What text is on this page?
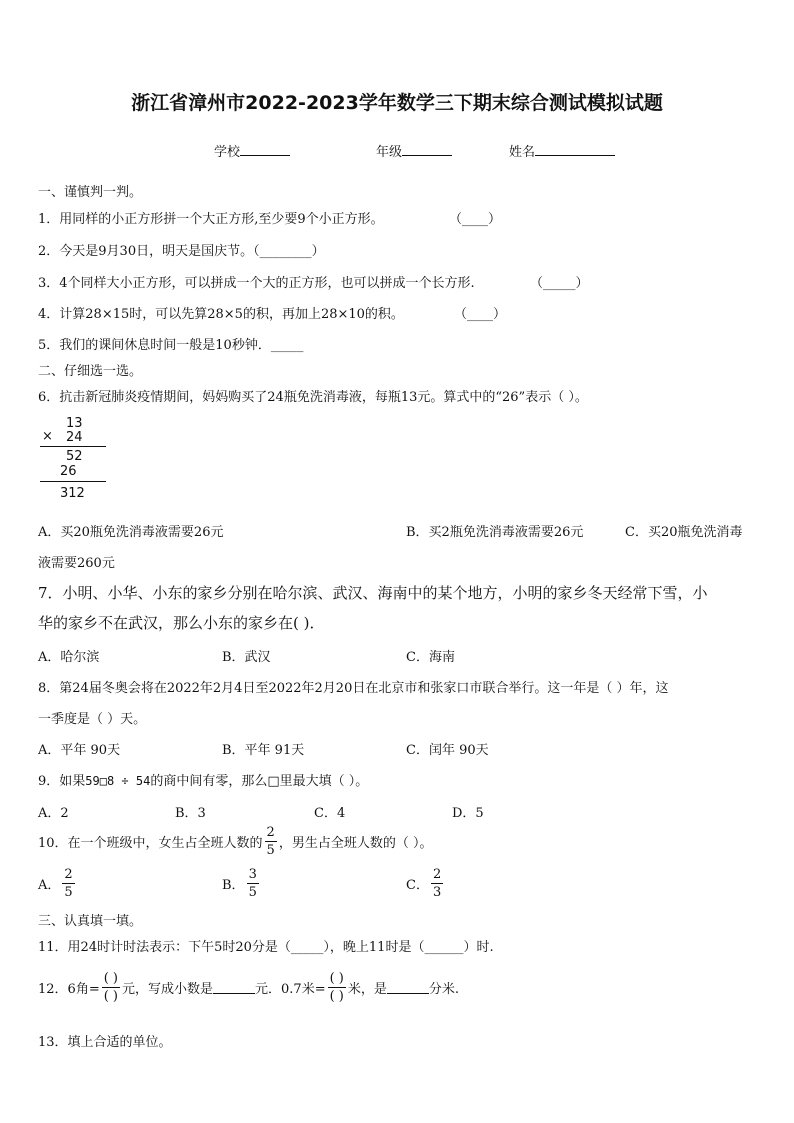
浙江省漳州市2022-2023学年数学三下期末综合测试模拟试题
学校	年级	姓名
一、谨慎判一判。
1．用同样的小正方形拼一个大正方形,至少要9个小正方形。	（____）
2．今天是9月30日，明天是国庆节。（________）
3．4个同样大小正方形，可以拼成一个大的正方形，也可以拼成一个长方形.	（_____）
4．计算28×15时，可以先算28×5的积，再加上28×10的积。	（____）
5．我们的课间休息时间一般是10秒钟．_____
二、仔细选一选。
6．抗击新冠肺炎疫情期间，妈妈购买了24瓶免洗消毒液，每瓶13元。算式中的“26”表示（ ）。
13
× 24
52
26
312
A．买20瓶免洗消毒液需要26元	B．买2瓶免洗消毒液需要26元	C．买20瓶免洗消毒
液需要260元
7．小明、小华、小东的家乡分别在哈尔滨、武汉、海南中的某个地方，小明的家乡冬天经常下雪，小
华的家乡不在武汉，那么小东的家乡在( )．
A．哈尔滨	B．武汉	C．海南
8．第24届冬奥会将在2022年2月4日至2022年2月20日在北京市和张家口市联合举行。这一年是（ ）年，这
一季度是（ ）天。
A．平年 90天	B．平年 91天	C．闰年 90天
9．如果59□8 ÷ 54的商中间有零，那么□里最大填（ ）。
A．2	B．3	C．4	D．5
10．在一个班级中，女生占全班人数的 $\frac{2}{5}$ ，男生占全班人数的（ ）。
A． $\frac{2}{5}$	B． $\frac{3}{5}$	C． $\frac{2}{3}$
三、认真填一填。
11．用24时计时法表示：下午5时20分是（_____），晚上11时是（______）时.
12．6角= $\frac{( )}{( )}$ 元，写成小数是	元．0.7米= $\frac{( )}{( )}$ 米，是	分米.
13．填上合适的单位。
